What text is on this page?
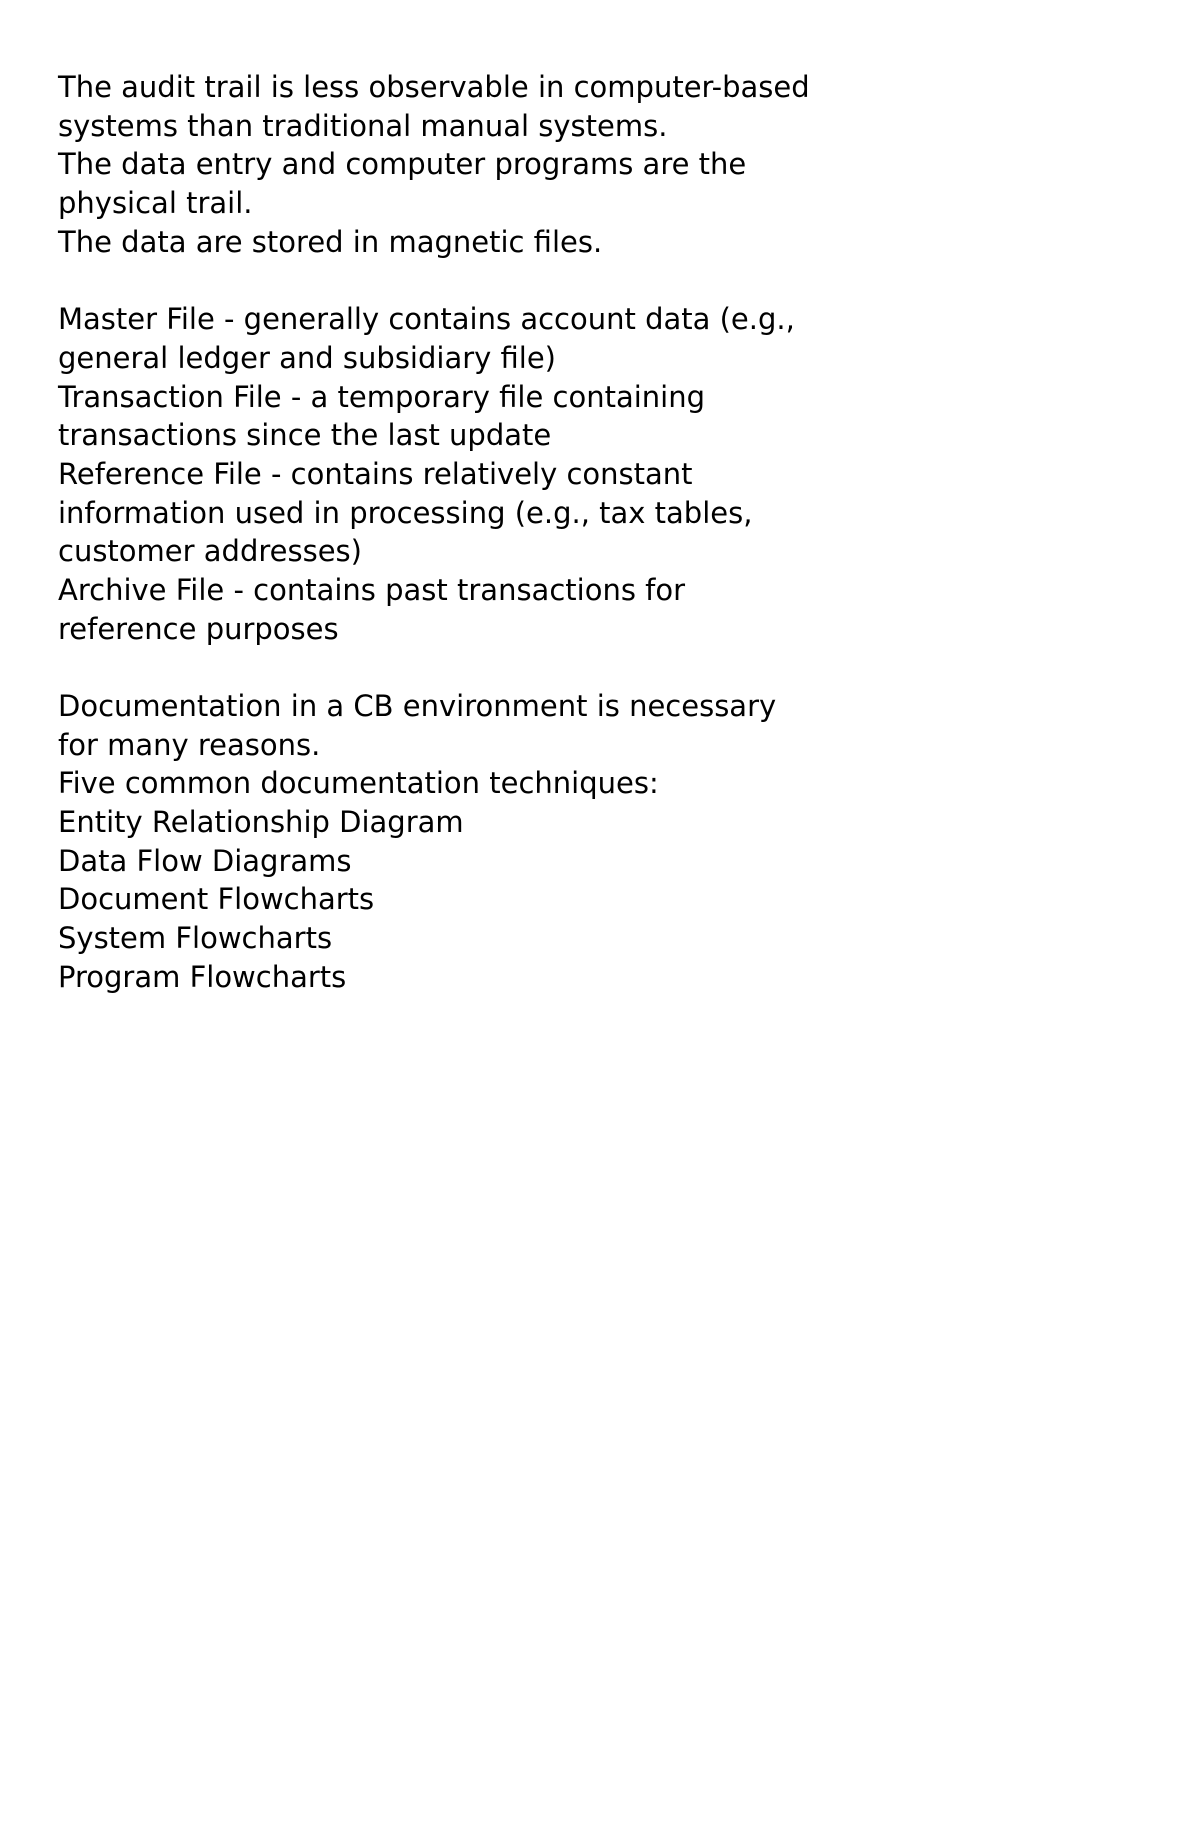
The audit trail is less observable in computer-based
systems than traditional manual systems.
The data entry and computer programs are the
physical trail.
The data are stored in magnetic files.
Master File - generally contains account data (e.g.,
general ledger and subsidiary file)
Transaction File - a temporary file containing
transactions since the last update
Reference File - contains relatively constant
information used in processing (e.g., tax tables,
customer addresses)
Archive File - contains past transactions for
reference purposes
Documentation in a CB environment is necessary
for many reasons.
Five common documentation techniques:
Entity Relationship Diagram
Data Flow Diagrams
Document Flowcharts
System Flowcharts
Program Flowcharts
